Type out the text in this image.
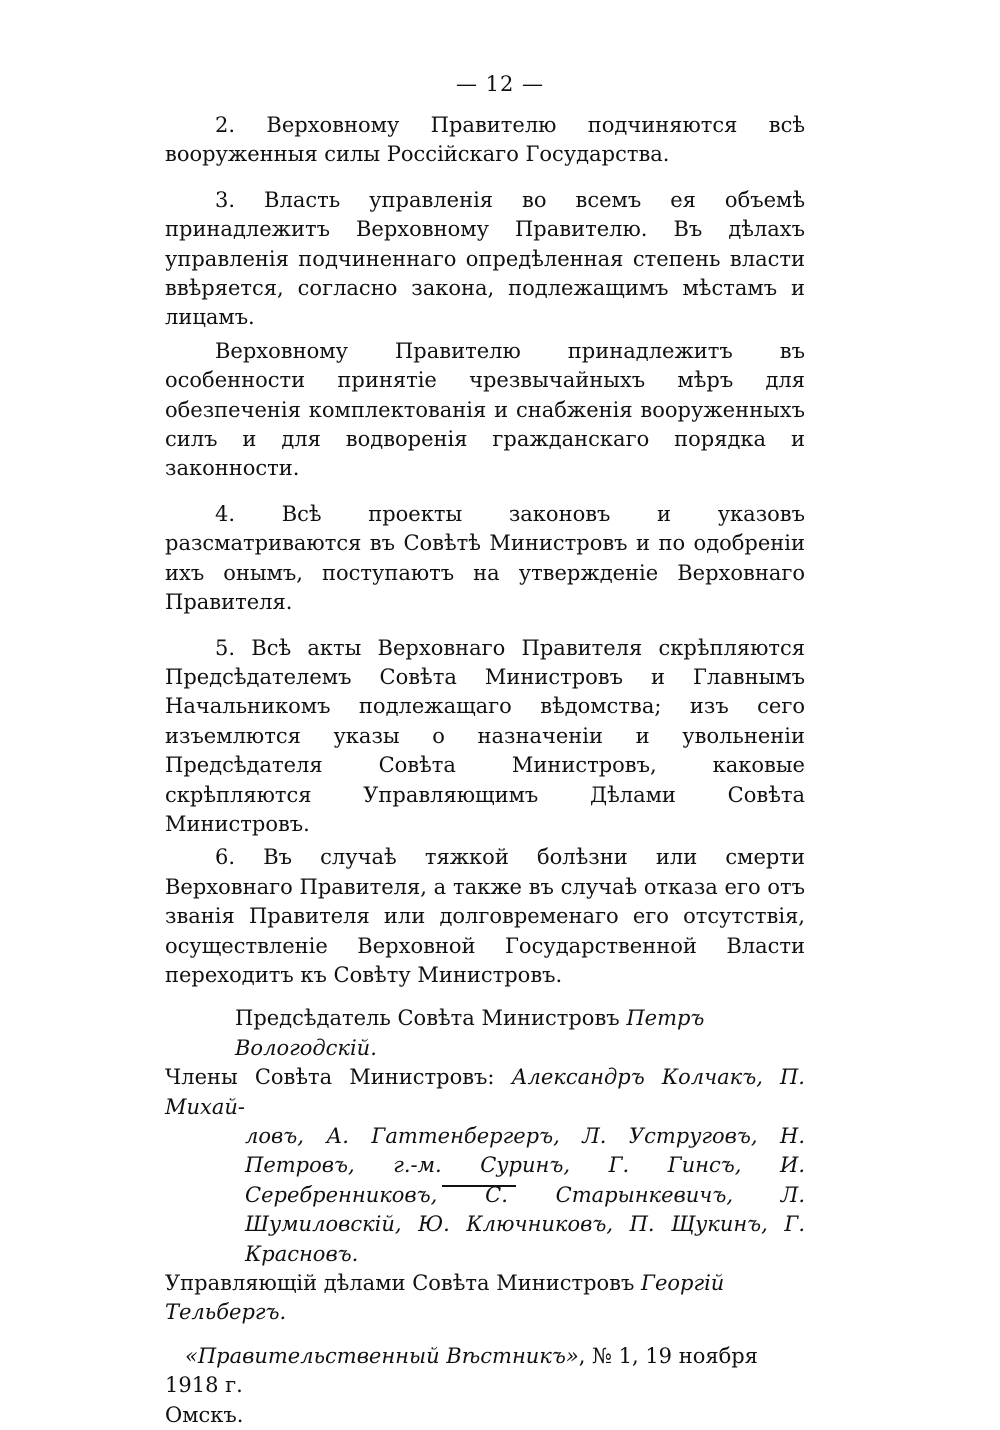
— 12 —

2. Верховному Правителю подчиняются всѣ вооруженныя силы Россійскаго Государства.

3. Власть управленія во всемъ ея объемѣ принадлежитъ Верховному Правителю. Въ дѣлахъ управленія подчиненнаго опредѣленная степень власти ввѣряется, согласно закона, подлежащимъ мѣстамъ и лицамъ.

Верховному Правителю принадлежитъ въ особенности принятіе чрезвычайныхъ мѣръ для обезпеченія комплектованія и снабженія вооруженныхъ силъ и для водворенія гражданскаго порядка и законности.

4. Всѣ проекты законовъ и указовъ разсматриваются въ Совѣтѣ Министровъ и по одобреніи ихъ онымъ, поступаютъ на утвержденіе Верховнаго Правителя.

5. Всѣ акты Верховнаго Правителя скрѣпляются Предсѣдателемъ Совѣта Министровъ и Главнымъ Начальникомъ подлежащаго вѣдомства; изъ сего изъемлются указы о назначеніи и увольненіи Предсѣдателя Совѣта Министровъ, каковые скрѣпляются Управляющимъ Дѣлами Совѣта Министровъ.

6. Въ случаѣ тяжкой болѣзни или смерти Верховнаго Правителя, а также въ случаѣ отказа его отъ званія Правителя или долговременаго его отсутствія, осуществленіе Верховной Государственной Власти переходитъ къ Совѣту Министровъ.

Предсѣдатель Совѣта Министровъ Петръ Вологодскій.

Члены Совѣта Министровъ: Александръ Колчакъ, П. Михай-

ловъ, А. Гаттенбергеръ, Л. Уструговъ, Н. Петровъ, г.-м. Суринъ, Г. Гинсъ, И. Серебренниковъ, С. Старынкевичъ, Л. Шумиловскій, Ю. Ключниковъ, П. Щукинъ, Г. Красновъ.

Управляющій дѣлами Совѣта Министровъ Георгій Тельбергъ.

«Правительственный Вѣстникъ», № 1, 19 ноября 1918 г.
Омскъ.
